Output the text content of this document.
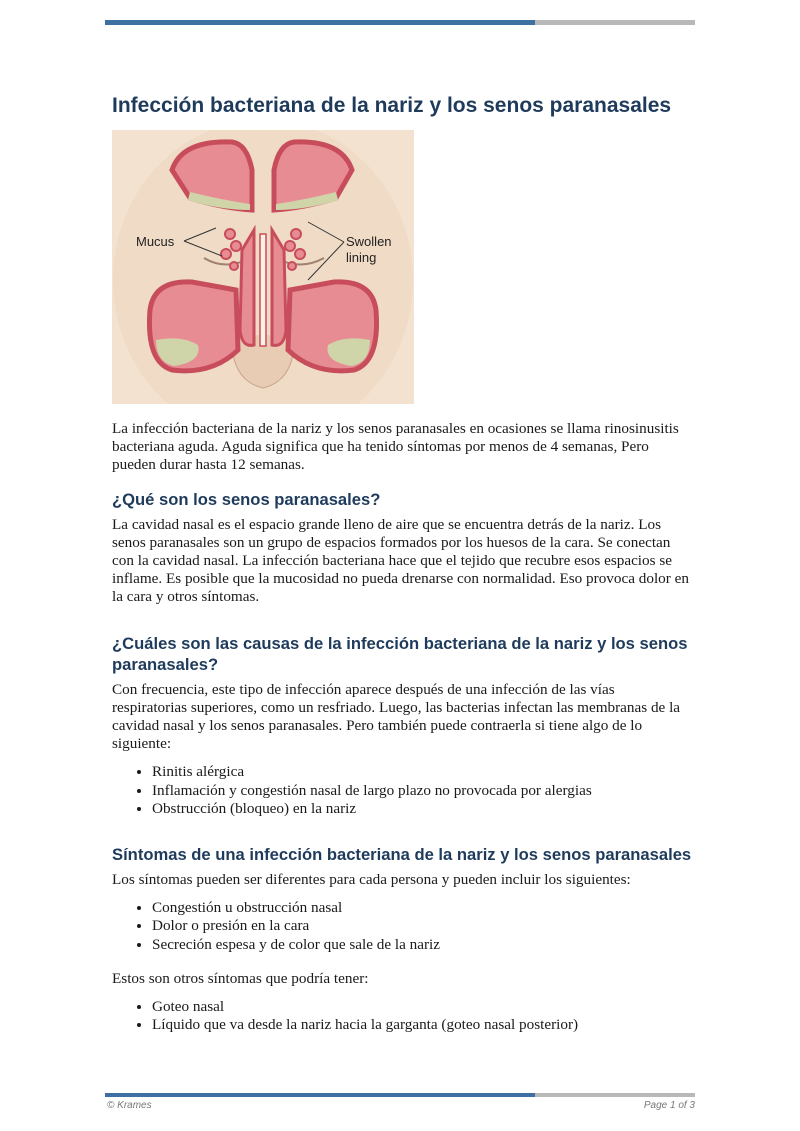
Infección bacteriana de la nariz y los senos paranasales
Mucus	Swollen
lining

La infección bacteriana de la nariz y los senos paranasales en ocasiones se llama rinosinusitis bacteriana aguda. Aguda significa que ha tenido síntomas por menos de 4 semanas, Pero pueden durar hasta 12 semanas.

¿Qué son los senos paranasales?

La cavidad nasal es el espacio grande lleno de aire que se encuentra detrás de la nariz. Los senos paranasales son un grupo de espacios formados por los huesos de la cara. Se conectan con la cavidad nasal. La infección bacteriana hace que el tejido que recubre esos espacios se inflame. Es posible que la mucosidad no pueda drenarse con normalidad. Eso provoca dolor en la cara y otros síntomas.

¿Cuáles son las causas de la infección bacteriana de la nariz y los senos paranasales?

Con frecuencia, este tipo de infección aparece después de una infección de las vías respiratorias superiores, como un resfriado. Luego, las bacterias infectan las membranas de la cavidad nasal y los senos paranasales. Pero también puede contraerla si tiene algo de lo siguiente:

• Rinitis alérgica
• Inflamación y congestión nasal de largo plazo no provocada por alergias
• Obstrucción (bloqueo) en la nariz
Síntomas de una infección bacteriana de la nariz y los senos paranasales

Los síntomas pueden ser diferentes para cada persona y pueden incluir los siguientes:

• Congestión u obstrucción nasal
• Dolor o presión en la cara
• Secreción espesa y de color que sale de la nariz

Estos son otros síntomas que podría tener:

• Goteo nasal
• Líquido que va desde la nariz hacia la garganta (goteo nasal posterior)
© Krames	Page 1 of 3
